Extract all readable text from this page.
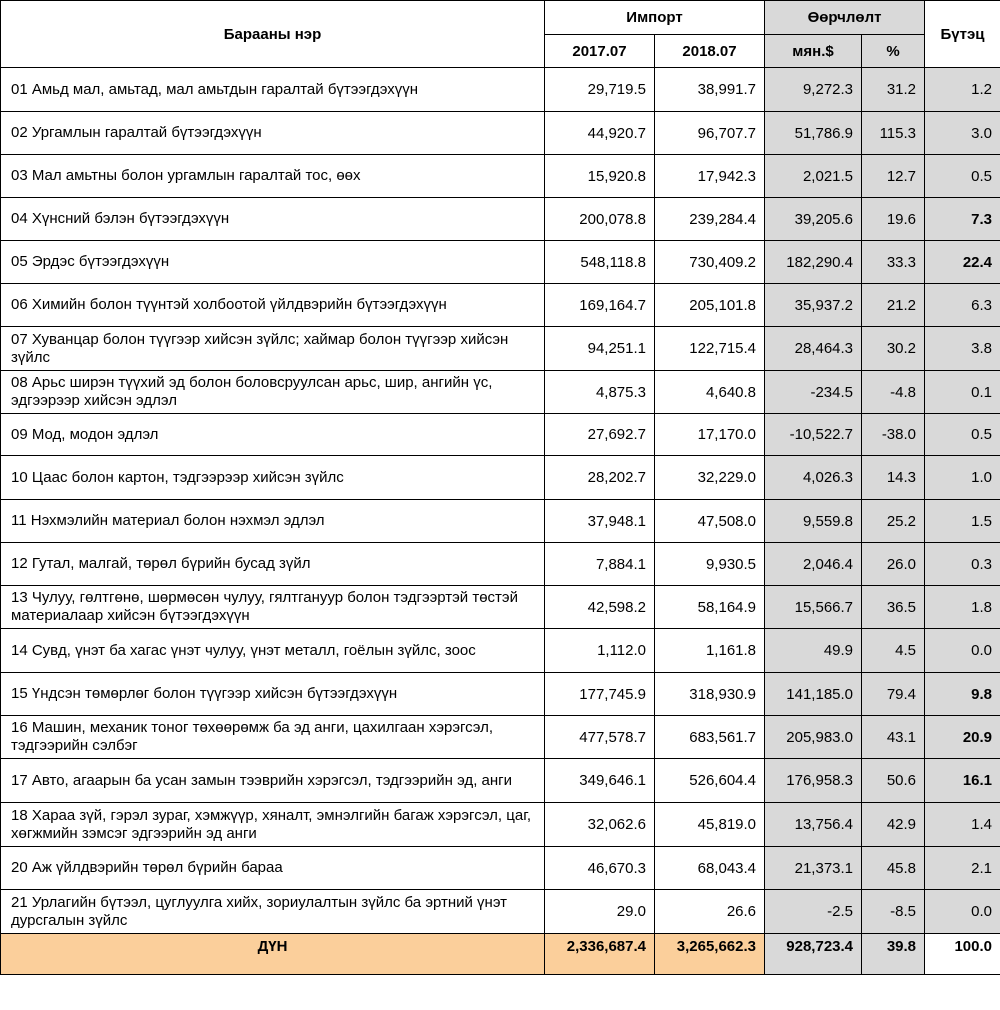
Барааны нэр	Импорт		Өөрчлөлт		Бүтэц
	2017.07	2018.07	мян.$	%	
01 Амьд мал, амьтад, мал амьтдын гаралтай бүтээгдэхүүн	29,719.5	38,991.7	9,272.3	31.2	1.2
02 Ургамлын гаралтай бүтээгдэхүүн	44,920.7	96,707.7	51,786.9	115.3	3.0
03 Мал амьтны болон ургамлын гаралтай тос, өөх	15,920.8	17,942.3	2,021.5	12.7	0.5
04 Хүнсний бэлэн бүтээгдэхүүн	200,078.8	239,284.4	39,205.6	19.6	7.3
05 Эрдэс бүтээгдэхүүн	548,118.8	730,409.2	182,290.4	33.3	22.4
06 Химийн болон түүнтэй холбоотой үйлдвэрийн бүтээгдэхүүн	169,164.7	205,101.8	35,937.2	21.2	6.3
07 Хуванцар болон түүгээр хийсэн зүйлс; хаймар болон түүгээр хийсэн зүйлс	94,251.1	122,715.4	28,464.3	30.2	3.8
08 Арьс ширэн түүхий эд болон боловсруулсан арьс, шир, ангийн үс, эдгээрээр хийсэн эдлэл	4,875.3	4,640.8	-234.5	-4.8	0.1
09 Мод, модон эдлэл	27,692.7	17,170.0	-10,522.7	-38.0	0.5
10 Цаас болон картон, тэдгээрээр хийсэн зүйлс	28,202.7	32,229.0	4,026.3	14.3	1.0
11 Нэхмэлийн материал болон нэхмэл эдлэл	37,948.1	47,508.0	9,559.8	25.2	1.5
12 Гутал, малгай, төрөл бүрийн бусад зүйл	7,884.1	9,930.5	2,046.4	26.0	0.3
13 Чулуу, гөлтгөнө, шөрмөсөн чулуу, гялтгануур болон тэдгээртэй төстэй материалаар хийсэн бүтээгдэхүүн	42,598.2	58,164.9	15,566.7	36.5	1.8
14 Сувд, үнэт ба хагас үнэт чулуу, үнэт металл, гоёлын зүйлс, зоос	1,112.0	1,161.8	49.9	4.5	0.0
15 Үндсэн төмөрлөг болон түүгээр хийсэн бүтээгдэхүүн	177,745.9	318,930.9	141,185.0	79.4	9.8
16 Машин, механик тоног төхөөрөмж ба эд анги, цахилгаан хэрэгсэл, тэдгээрийн сэлбэг	477,578.7	683,561.7	205,983.0	43.1	20.9
17 Авто, агаарын ба усан замын тээврийн хэрэгсэл, тэдгээрийн эд, анги	349,646.1	526,604.4	176,958.3	50.6	16.1
18 Хараа зүй, гэрэл зураг, хэмжүүр, хяналт, эмнэлгийн багаж хэрэгсэл, цаг, хөгжмийн зэмсэг эдгээрийн эд анги	32,062.6	45,819.0	13,756.4	42.9	1.4
20 Аж үйлдвэрийн төрөл бүрийн бараа	46,670.3	68,043.4	21,373.1	45.8	2.1
21 Урлагийн бүтээл, цуглуулга хийх, зориулалтын зүйлс ба эртний үнэт дурсгалын зүйлс	29.0	26.6	-2.5	-8.5	0.0
ДҮН	2,336,687.4	3,265,662.3	928,723.4	39.8	100.0
